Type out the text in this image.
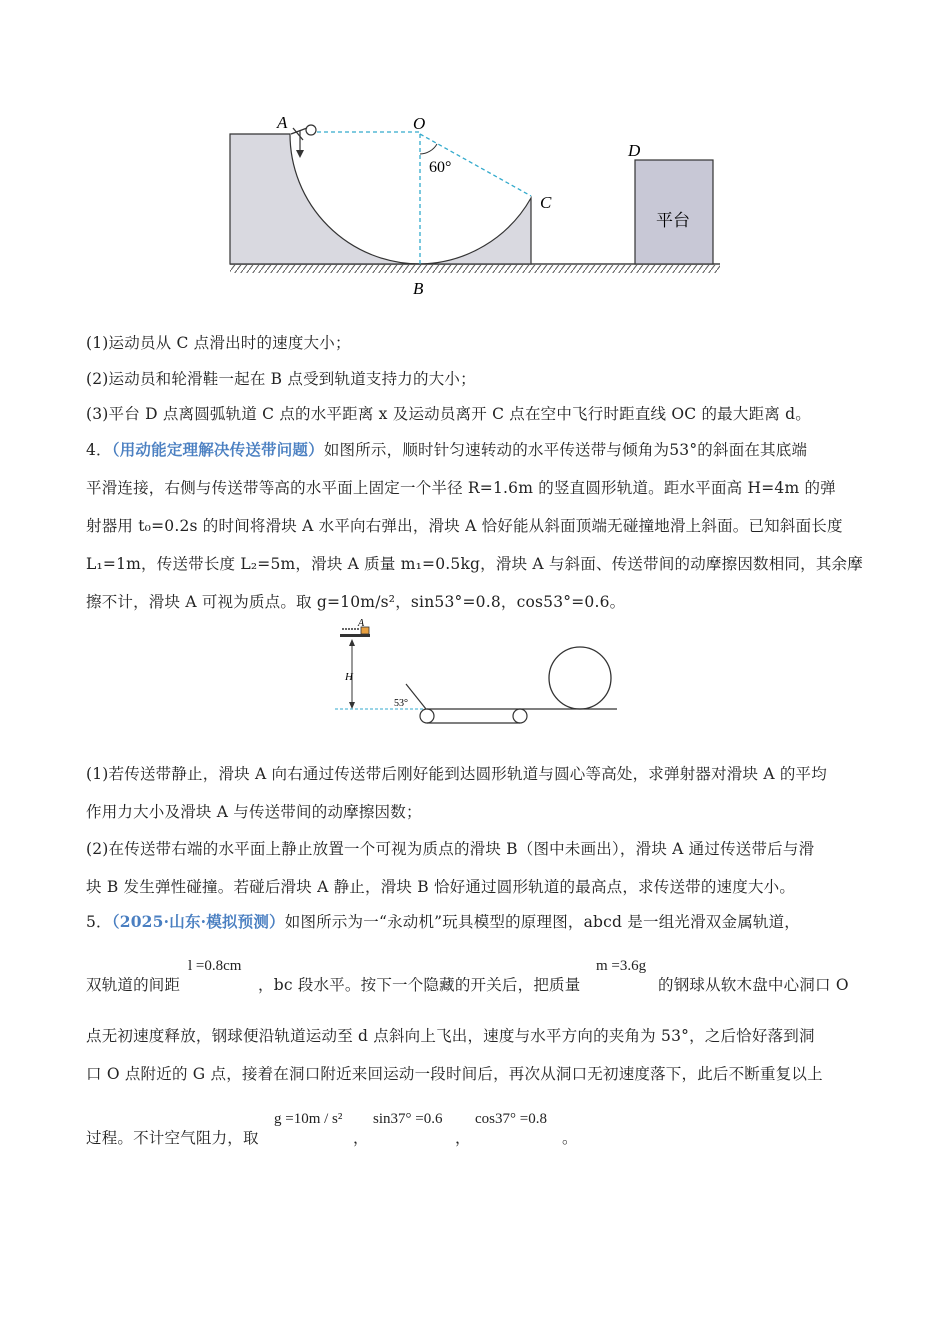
A	O
60°
C
D
平台
B
(1)运动员从 C 点滑出时的速度大小；
(2)运动员和轮滑鞋一起在 B 点受到轨道支持力的大小；
(3)平台 D 点离圆弧轨道 C 点的水平距离 x 及运动员离开 C 点在空中飞行时距直线 OC 的最大距离 d。
4．（用动能定理解决传送带问题）如图所示，顺时针匀速转动的水平传送带与倾角为53°的斜面在其底端
平滑连接，右侧与传送带等高的水平面上固定一个半径 R=1.6m 的竖直圆形轨道。距水平面高 H=4m 的弹
射器用 t₀=0.2s 的时间将滑块 A 水平向右弹出，滑块 A 恰好能从斜面顶端无碰撞地滑上斜面。已知斜面长度
L₁=1m，传送带长度 L₂=5m，滑块 A 质量 m₁=0.5kg，滑块 A 与斜面、传送带间的动摩擦因数相同，其余摩
擦不计，滑块 A 可视为质点。取 g=10m/s²，sin53°=0.8，cos53°=0.6。
A
H
53°
(1)若传送带静止，滑块 A 向右通过传送带后刚好能到达圆形轨道与圆心等高处，求弹射器对滑块 A 的平均
作用力大小及滑块 A 与传送带间的动摩擦因数；
(2)在传送带右端的水平面上静止放置一个可视为质点的滑块 B（图中未画出），滑块 A 通过传送带后与滑
块 B 发生弹性碰撞。若碰后滑块 A 静止，滑块 B 恰好通过圆形轨道的最高点，求传送带的速度大小。
5．（2025·山东·模拟预测）如图所示为一“永动机”玩具模型的原理图，abcd 是一组光滑双金属轨道，
双轨道的间距
l =0.8cm
，bc 段水平。按下一个隐藏的开关后，把质量
m =3.6g
的钢球从软木盘中心洞口 O
点无初速度释放，钢球便沿轨道运动至 d 点斜向上飞出，速度与水平方向的夹角为 53°，之后恰好落到洞
口 O 点附近的 G 点，接着在洞口附近来回运动一段时间后，再次从洞口无初速度落下，此后不断重复以上
过程。不计空气阻力，取
g =10m / s²
，
sin37° =0.6
，
cos37° =0.8
。
